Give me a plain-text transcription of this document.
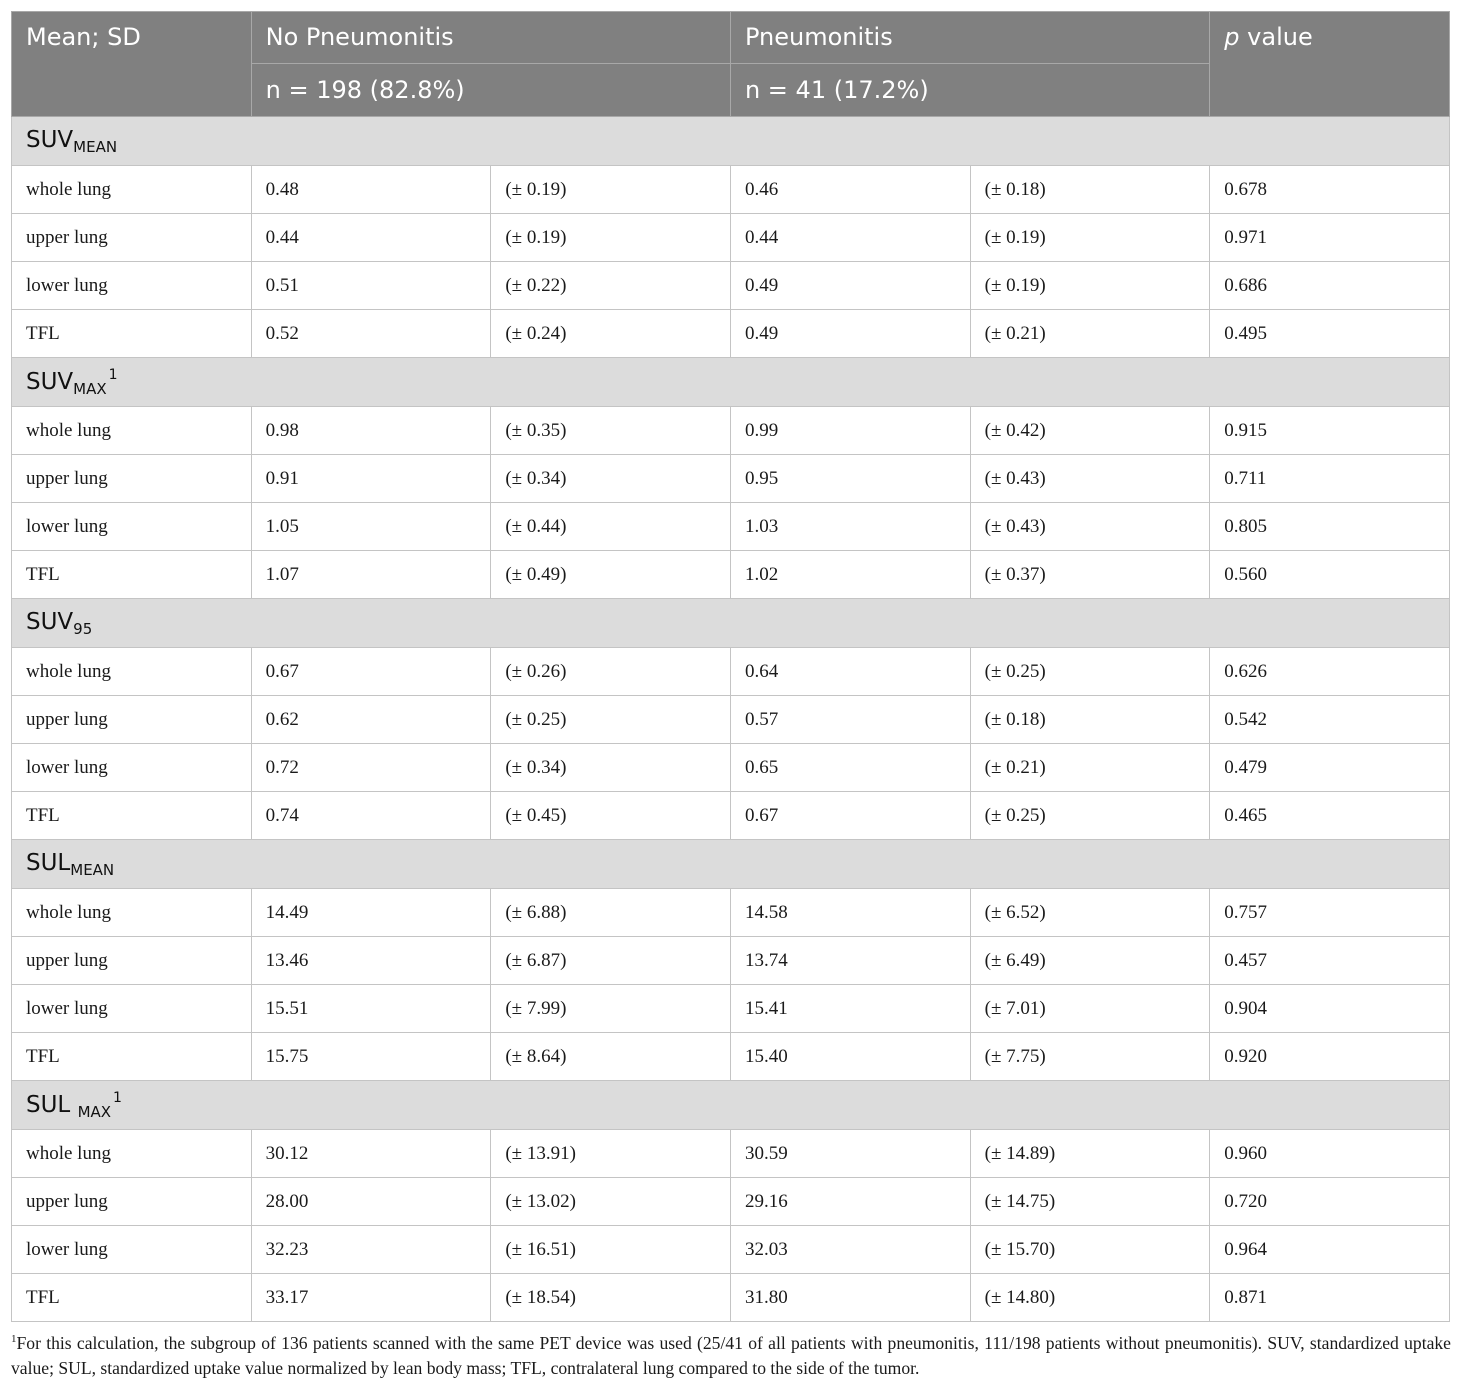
Mean; SD	No Pneumonitis		Pneumonitis		p value
	n = 198 (82.8%)		n = 41 (17.2%)		
$SUV_{MEAN}$
whole lung	0.48	(± 0.19)	0.46	(± 0.18)	0.678
upper lung	0.44	(± 0.19)	0.44	(± 0.19)	0.971
lower lung	0.51	(± 0.22)	0.49	(± 0.19)	0.686
TFL	0.52	(± 0.24)	0.49	(± 0.21)	0.495
$SUV_{MAX}^1$
whole lung	0.98	(± 0.35)	0.99	(± 0.42)	0.915
upper lung	0.91	(± 0.34)	0.95	(± 0.43)	0.711
lower lung	1.05	(± 0.44)	1.03	(± 0.43)	0.805
TFL	1.07	(± 0.49)	1.02	(± 0.37)	0.560
$SUV_{95}$
whole lung	0.67	(± 0.26)	0.64	(± 0.25)	0.626
upper lung	0.62	(± 0.25)	0.57	(± 0.18)	0.542
lower lung	0.72	(± 0.34)	0.65	(± 0.21)	0.479
TFL	0.74	(± 0.45)	0.67	(± 0.25)	0.465
$SUL_{MEAN}$
whole lung	14.49	(± 6.88)	14.58	(± 6.52)	0.757
upper lung	13.46	(± 6.87)	13.74	(± 6.49)	0.457
lower lung	15.51	(± 7.99)	15.41	(± 7.01)	0.904
TFL	15.75	(± 8.64)	15.40	(± 7.75)	0.920
SUL $_{MAX}^1$
whole lung	30.12	(± 13.91)	30.59	(± 14.89)	0.960
upper lung	28.00	(± 13.02)	29.16	(± 14.75)	0.720
lower lung	32.23	(± 16.51)	32.03	(± 15.70)	0.964
TFL	33.17	(± 18.54)	31.80	(± 14.80)	0.871
$^1$For this calculation, the subgroup of 136 patients scanned with the same PET device was used (25/41 of all patients with pneumonitis, 111/198 patients without pneumonitis). SUV, standardized uptake value; SUL, standardized uptake value normalized by lean body mass; TFL, contralateral lung compared to the side of the tumor.
